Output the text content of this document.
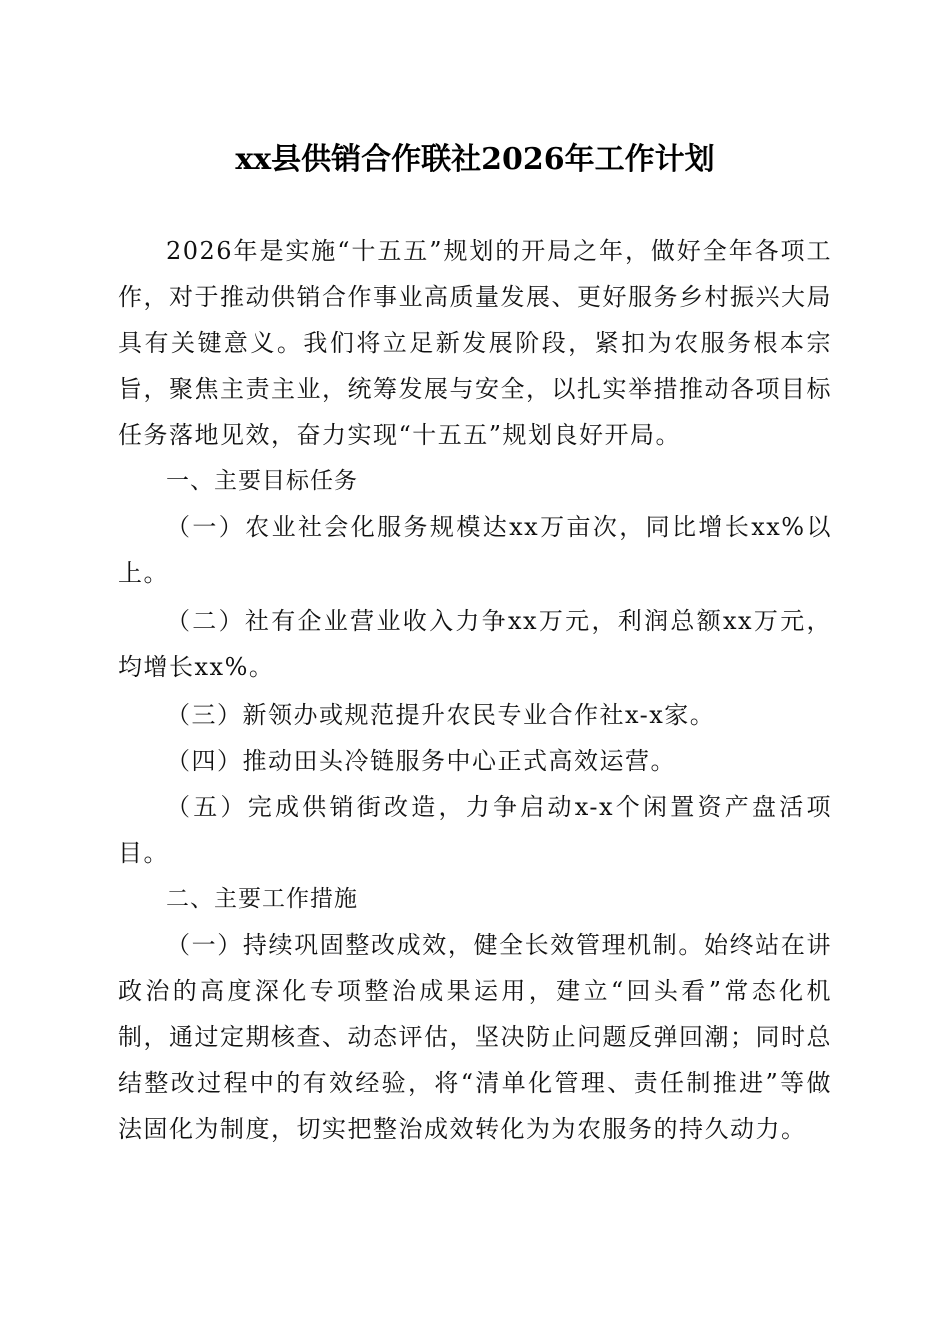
xx县供销合作联社2026年工作计划

2026年是实施“十五五”规划的开局之年，做好全年各项工作，对于推动供销合作事业高质量发展、更好服务乡村振兴大局具有关键意义。我们将立足新发展阶段，紧扣为农服务根本宗旨，聚焦主责主业，统筹发展与安全，以扎实举措推动各项目标任务落地见效，奋力实现“十五五”规划良好开局。

一、主要目标任务

（一）农业社会化服务规模达xx万亩次，同比增长xx%以上。

（二）社有企业营业收入力争xx万元，利润总额xx万元，均增长xx%。

（三）新领办或规范提升农民专业合作社x-x家。

（四）推动田头冷链服务中心正式高效运营。

（五）完成供销街改造，力争启动x-x个闲置资产盘活项目。

二、主要工作措施

（一）持续巩固整改成效，健全长效管理机制。始终站在讲政治的高度深化专项整治成果运用，建立“回头看”常态化机制，通过定期核查、动态评估，坚决防止问题反弹回潮；同时总结整改过程中的有效经验，将“清单化管理、责任制推进”等做法固化为制度，切实把整治成效转化为为农服务的持久动力。
